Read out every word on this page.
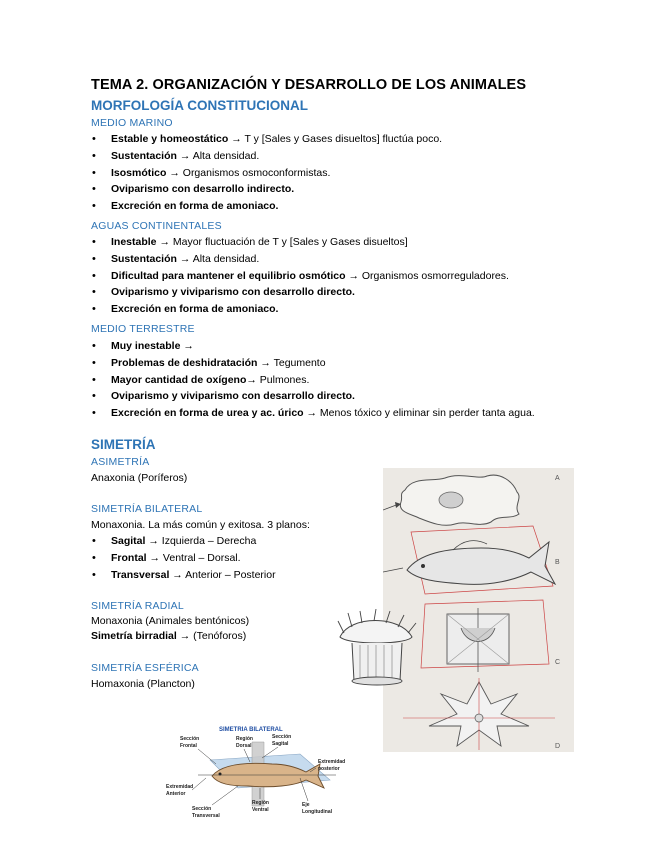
TEMA 2. ORGANIZACIÓN Y DESARROLLO DE LOS ANIMALES
MORFOLOGÍA CONSTITUCIONAL
MEDIO MARINO
• Estable y homeostático → T y [Sales y Gases disueltos] fluctúa poco.
• Sustentación → Alta densidad.
• Isosmótico → Organismos osmoconformistas.
• Oviparismo con desarrollo indirecto.
• Excreción en forma de amoniaco.
AGUAS CONTINENTALES
• Inestable → Mayor fluctuación de T y [Sales y Gases disueltos]
• Sustentación → Alta densidad.
• Dificultad para mantener el equilibrio osmótico → Organismos osmorreguladores.
• Oviparismo y viviparismo con desarrollo directo.
• Excreción en forma de amoniaco.
MEDIO TERRESTRE
• Muy inestable →
• Problemas de deshidratación → Tegumento
• Mayor cantidad de oxígeno→ Pulmones.
• Oviparismo y viviparismo con desarrollo directo.
• Excreción en forma de urea y ac. úrico → Menos tóxico y eliminar sin perder tanta agua.
SIMETRÍA
ASIMETRÍA
Anaxonia (Poríferos)
SIMETRÍA BILATERAL
Monaxonia. La más común y exitosa. 3 planos:
• Sagital → Izquierda – Derecha
• Frontal → Ventral – Dorsal.
• Transversal → Anterior – Posterior
SIMETRÍA RADIAL
Monaxonia (Animales bentónicos)
Simetría birradial → (Tenóforos)
SIMETRÍA ESFÉRICA
Homaxonia (Plancton)
A
B
C
D
SIMETRIA BILATERAL
Sección
Frontal
Región
Dorsal
Sección
Sagital
Extremidad
posterior
Extremidad
Anterior
Sección
Transversal
Región
Ventral
Eje
Longitudinal
